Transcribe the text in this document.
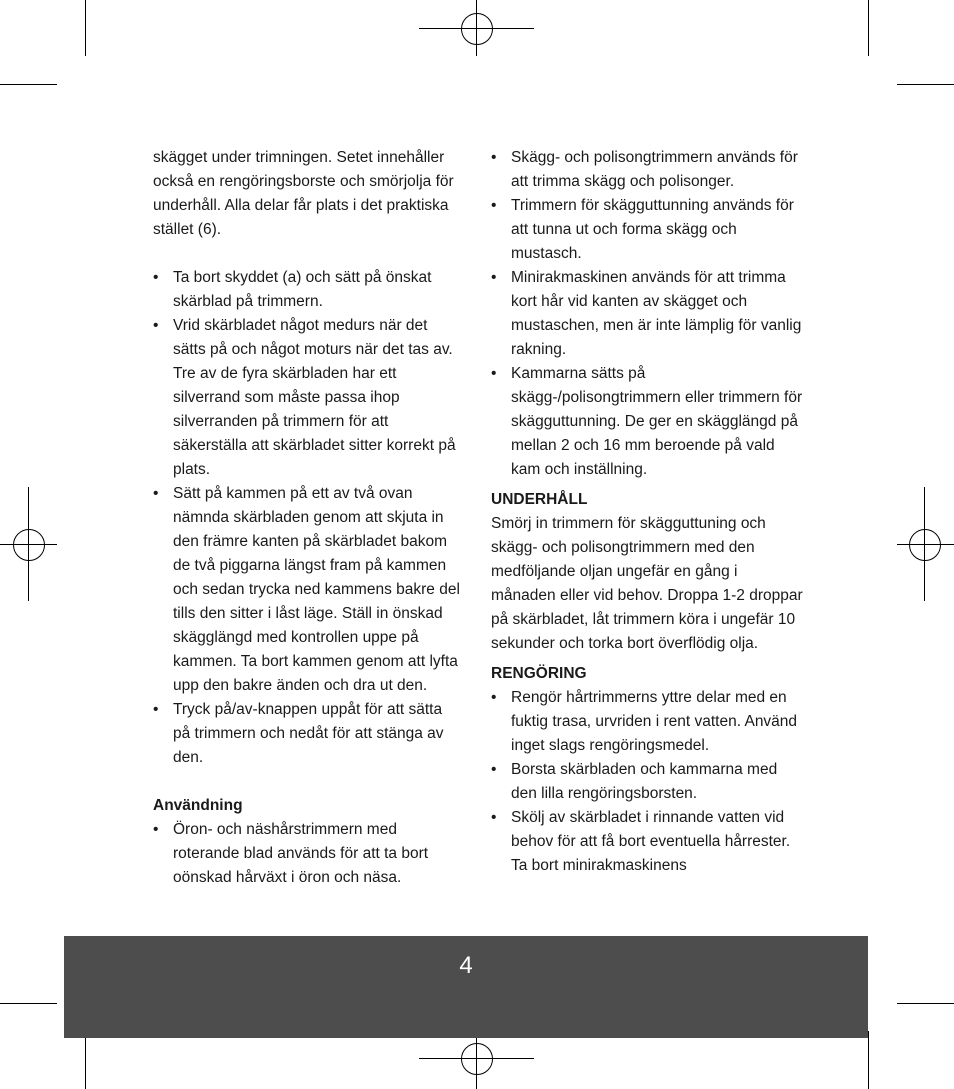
skägget under trimningen. Setet innehåller också en rengöringsborste och smörjolja för underhåll. Alla delar får plats i det praktiska stället (6).

• Ta bort skyddet (a) och sätt på önskat skärblad på trimmern.
• Vrid skärbladet något medurs när det sätts på och något moturs när det tas av. Tre av de fyra skärbladen har ett silverrand som måste passa ihop silverranden på trimmern för att säkerställa att skärbladet sitter korrekt på plats.
• Sätt på kammen på ett av två ovan nämnda skärbladen genom att skjuta in den främre kanten på skärbladet bakom de två piggarna längst fram på kammen och sedan trycka ned kammens bakre del tills den sitter i låst läge. Ställ in önskad skägglängd med kontrollen uppe på kammen. Ta bort kammen genom att lyfta upp den bakre änden och dra ut den.
• Tryck på/av-knappen uppåt för att sätta på trimmern och nedåt för att stänga av den.

Användning

• Öron- och näshårstrimmern med roterande blad används för att ta bort oönskad hårväxt i öron och näsa.
• Skägg- och polisongtrimmern används för att trimma skägg och polisonger.
• Trimmern för skägguttunning används för att tunna ut och forma skägg och mustasch.
• Minirakmaskinen används för att trimma kort hår vid kanten av skägget och mustaschen, men är inte lämplig för vanlig rakning.
• Kammarna sätts på skägg-/polisongtrimmern eller trimmern för skägguttunning. De ger en skägglängd på mellan 2 och 16 mm beroende på vald kam och inställning.

UNDERHÅLL

Smörj in trimmern för skägguttuning och skägg- och polisongtrimmern med den medföljande oljan ungefär en gång i månaden eller vid behov. Droppa 1-2 droppar på skärbladet, låt trimmern köra i ungefär 10 sekunder och torka bort överflödig olja.

RENGÖRING

• Rengör hårtrimmerns yttre delar med en fuktig trasa, urvriden i rent vatten. Använd inget slags rengöringsmedel.
• Borsta skärbladen och kammarna med den lilla rengöringsborsten.
• Skölj av skärbladet i rinnande vatten vid behov för att få bort eventuella hårrester. Ta bort minirakmaskinens
4
